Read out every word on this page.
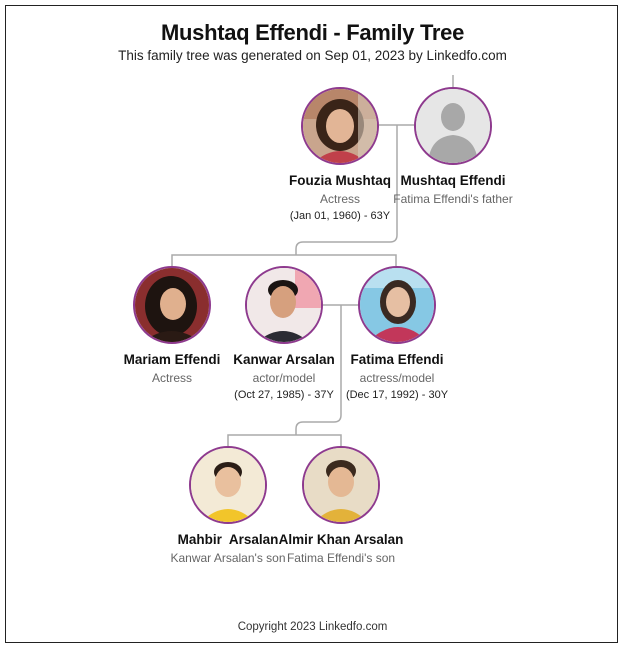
Mushtaq Effendi - Family Tree
This family tree was generated on Sep 01, 2023 by Linkedfo.com
Fouzia Mushtaq
Actress
(Jan 01, 1960) - 63Y
Mushtaq Effendi
Fatima Effendi's father
Mariam Effendi
Actress
Kanwar Arsalan
actor/model
(Oct 27, 1985) - 37Y
Fatima Effendi
actress/model
(Dec 17, 1992) - 30Y
Mahbir  Arsalan
Kanwar Arsalan's son
Almir Khan Arsalan
Fatima Effendi's son
Copyright 2023 Linkedfo.com
